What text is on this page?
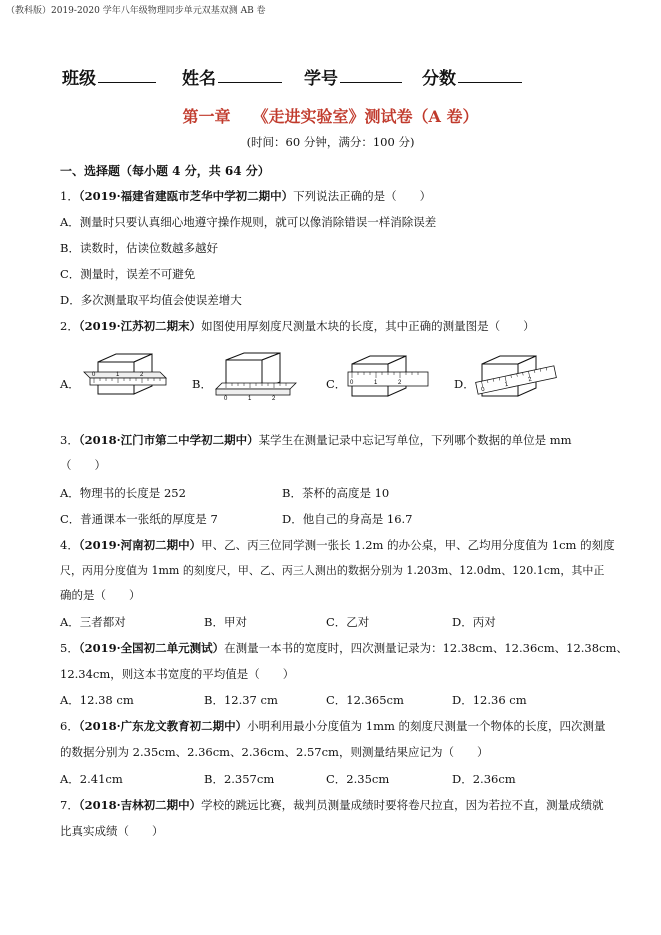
（教科版）2019-2020 学年八年级物理同步单元双基双测 AB 卷
班级	姓名	学号	分数
第一章 《走进实验室》测试卷（A 卷）
(时间：60 分钟，满分：100 分)
一、选择题（每小题 4 分，共 64 分）
1．（2019·福建省建瓯市芝华中学初二期中）下列说法正确的是（　　）
A．测量时只要认真细心地遵守操作规则，就可以像消除错误一样消除误差
B．读数时，估读位数越多越好
C．测量时，误差不可避免
D．多次测量取平均值会使误差增大
2．（2019·江苏初二期末）如图使用厚刻度尺测量木块的长度，其中正确的测量图是（　　）
A．
0	1	2
B．
0	1	2
C． 0	1	2	D． 0
1
2
3．（2018·江门市第二中学初二期中）某学生在测量记录中忘记写单位，下列哪个数据的单位是 mm
（　　）
A．物理书的长度是 252	B．茶杯的高度是 10
C．普通课本一张纸的厚度是 7	D．他自己的身高是 16.7
4．（2019·河南初二期中）甲、乙、丙三位同学测一张长 1.2m 的办公桌，甲、乙均用分度值为 1cm 的刻度
尺，丙用分度值为 1mm 的刻度尺，甲、乙、丙三人测出的数据分别为 1.203m、12.0dm、120.1cm，其中正
确的是（　　）
A．三者都对	B．甲对	C．乙对	D．丙对
5．（2019·全国初二单元测试）在测量一本书的宽度时，四次测量记录为：12.38cm、12.36cm、12.38cm、
12.34cm，则这本书宽度的平均值是（　　）
A．12.38 cm	B．12.37 cm	C．12.365cm	D．12.36 cm
6．（2018·广东龙文教育初二期中）小明利用最小分度值为 1mm 的刻度尺测量一个物体的长度，四次测量
的数据分别为 2.35cm、2.36cm、2.36cm、2.57cm，则测量结果应记为（　　）
A．2.41cm	B．2.357cm	C．2.35cm	D．2.36cm
7．（2018·吉林初二期中）学校的跳远比赛，裁判员测量成绩时要将卷尺拉直，因为若拉不直，测量成绩就
比真实成绩（　　）
